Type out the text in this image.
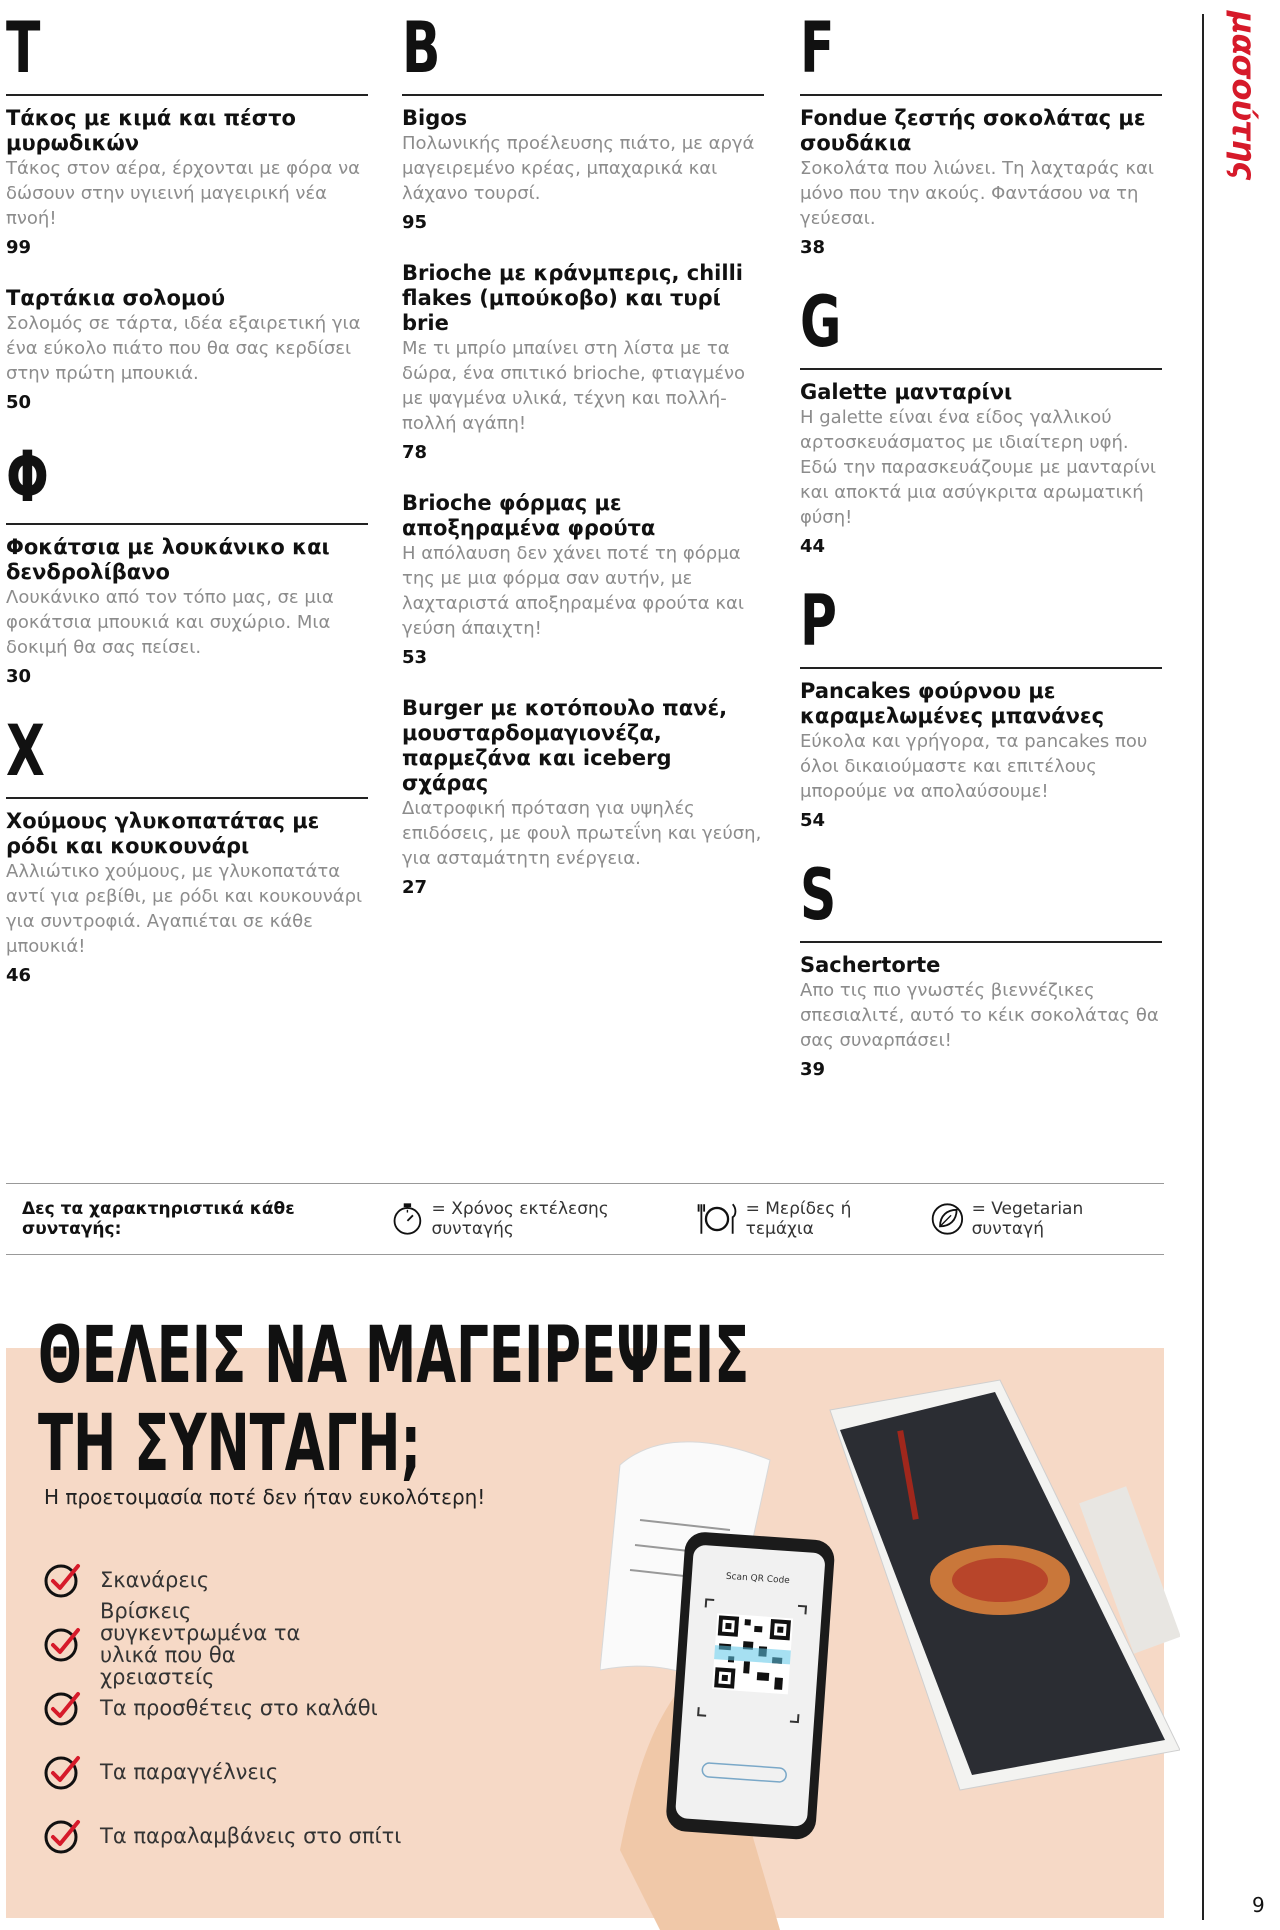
μασούτης
9
T
Τάκος με κιμά και πέστο μυρωδικών
Τάκος στον αέρα, έρχονται με φόρα να δώσουν στην υγιεινή μαγειρική νέα πνοή!
99
Ταρτάκια σολομού
Σολομός σε τάρτα, ιδέα εξαιρετική για ένα εύκολο πιάτο που θα σας κερδίσει στην πρώτη μπουκιά.
50
Φ
Φοκάτσια με λουκάνικο και δενδρολίβανο
Λουκάνικο από τον τόπο μας, σε μια φοκάτσια μπουκιά και συχώριο. Μια δοκιμή θα σας πείσει.
30
X
Χούμους γλυκοπατάτας με ρόδι και κουκουνάρι
Αλλιώτικο χούμους, με γλυκοπατάτα αντί για ρεβίθι, με ρόδι και κουκουνάρι για συντροφιά. Αγαπιέται σε κάθε μπουκιά!
46
B
Bigos
Πολωνικής προέλευσης πιάτο, με αργά μαγειρεμένο κρέας, μπαχαρικά και λάχανο τουρσί.
95
Brioche με κράνμπερις, chilli flakes (μπούκοβο) και τυρί brie
Με τι μπρίο μπαίνει στη λίστα με τα δώρα, ένα σπιτικό brioche, φτιαγμένο με ψαγμένα υλικά, τέχνη και πολλή-πολλή αγάπη!
78
Brioche φόρμας με αποξηραμένα φρούτα
Η απόλαυση δεν χάνει ποτέ τη φόρμα της με μια φόρμα σαν αυτήν, με λαχταριστά αποξηραμένα φρούτα και γεύση άπαιχτη!
53
Burger με κοτόπουλο πανέ, μουσταρδομαγιονέζα, παρμεζάνα και iceberg σχάρας
Διατροφική πρόταση για υψηλές επιδόσεις, με φουλ πρωτεΐνη και γεύση, για ασταμάτητη ενέργεια.
27
F
Fondue ζεστής σοκολάτας με σουδάκια
Σοκολάτα που λιώνει. Τη λαχταράς και μόνο που την ακούς. Φαντάσου να τη γεύεσαι.
38
G
Galette μανταρίνι
Η galette είναι ένα είδος γαλλικού αρτοσκευάσματος με ιδιαίτερη υφή. Εδώ την παρασκευάζουμε με μανταρίνι και αποκτά μια ασύγκριτα αρωματική φύση!
44
P
Pancakes φούρνου με καραμελωμένες μπανάνες
Εύκολα και γρήγορα, τα pancakes που όλοι δικαιούμαστε και επιτέλους μπορούμε να απολαύσουμε!
54
S
Sachertorte
Απο τις πιο γνωστές βιεννέζικες σπεσιαλιτέ, αυτό το κέικ σοκολάτας θα σας συναρπάσει!
39
Δες τα χαρακτηριστικά κάθε συνταγής:
= Χρόνος εκτέλεσης συνταγής
= Μερίδες ή τεμάχια
= Vegetarian συνταγή
ΘΕΛΕΙΣ ΝΑ ΜΑΓΕΙΡΕΨΕΙΣ
ΤΗ ΣΥΝΤΑΓΗ;
Η προετοιμασία ποτέ δεν ήταν ευκολότερη!
Σκανάρεις
Βρίσκεις συγκεντρωμένα τα υλικά που θα χρειαστείς
Τα προσθέτεις στο καλάθι
Τα παραγγέλνεις
Τα παραλαμβάνεις στο σπίτι
Scan QR Code
